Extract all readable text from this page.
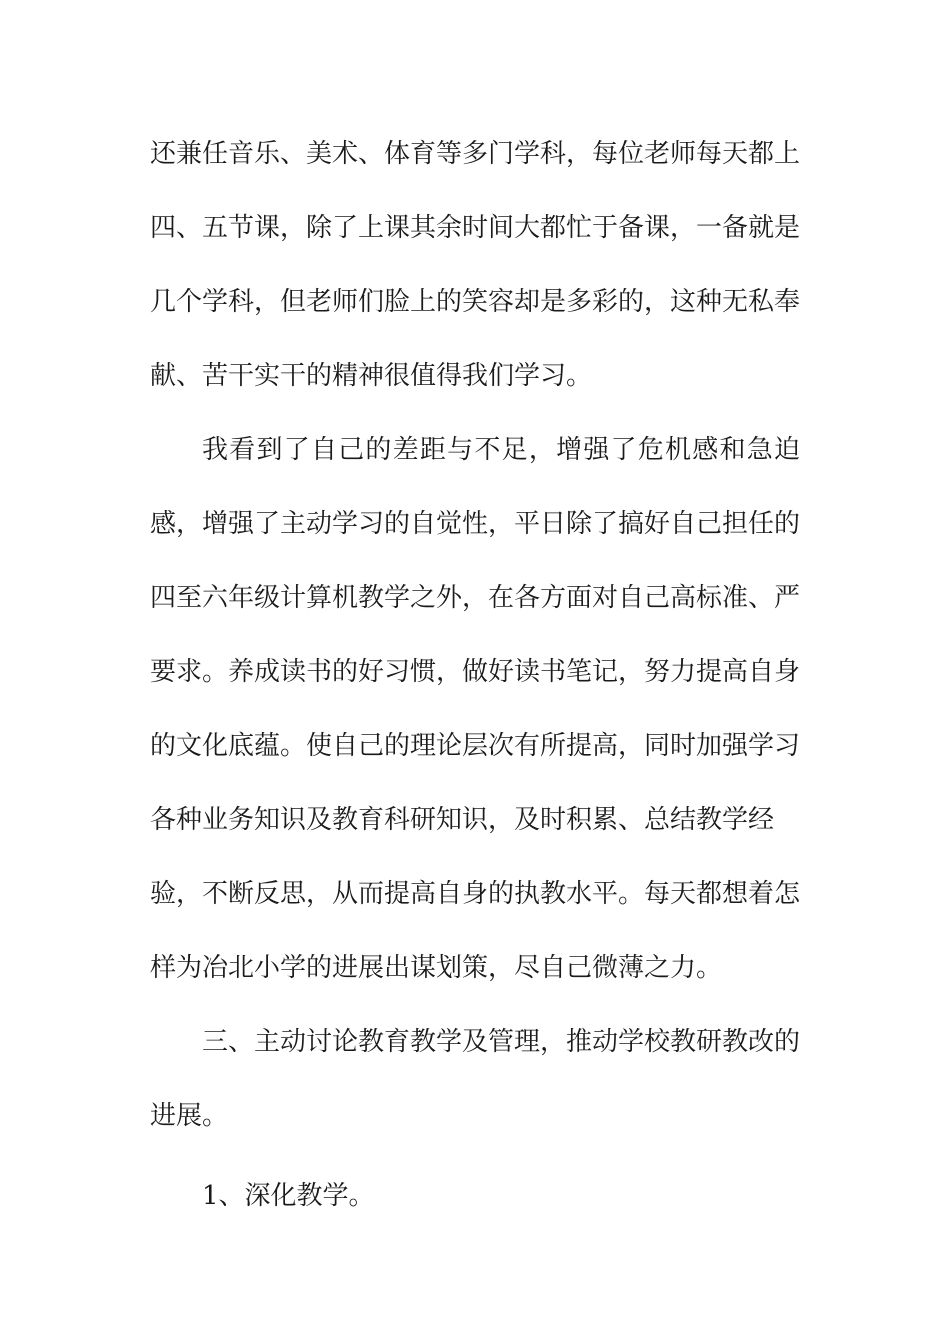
还兼任音乐、美术、体育等多门学科，每位老师每天都上
四、五节课，除了上课其余时间大都忙于备课，一备就是
几个学科，但老师们脸上的笑容却是多彩的，这种无私奉
献、苦干实干的精神很值得我们学习。
我看到了自己的差距与不足，增强了危机感和急迫
感，增强了主动学习的自觉性，平日除了搞好自己担任的
四至六年级计算机教学之外，在各方面对自己高标准、严
要求。养成读书的好习惯，做好读书笔记，努力提高自身
的文化底蕴。使自己的理论层次有所提高，同时加强学习
各种业务知识及教育科研知识，及时积累、总结教学经
验，不断反思，从而提高自身的执教水平。每天都想着怎
样为冶北小学的进展出谋划策，尽自己微薄之力。
三、主动讨论教育教学及管理，推动学校教研教改的
进展。
1、深化教学。
